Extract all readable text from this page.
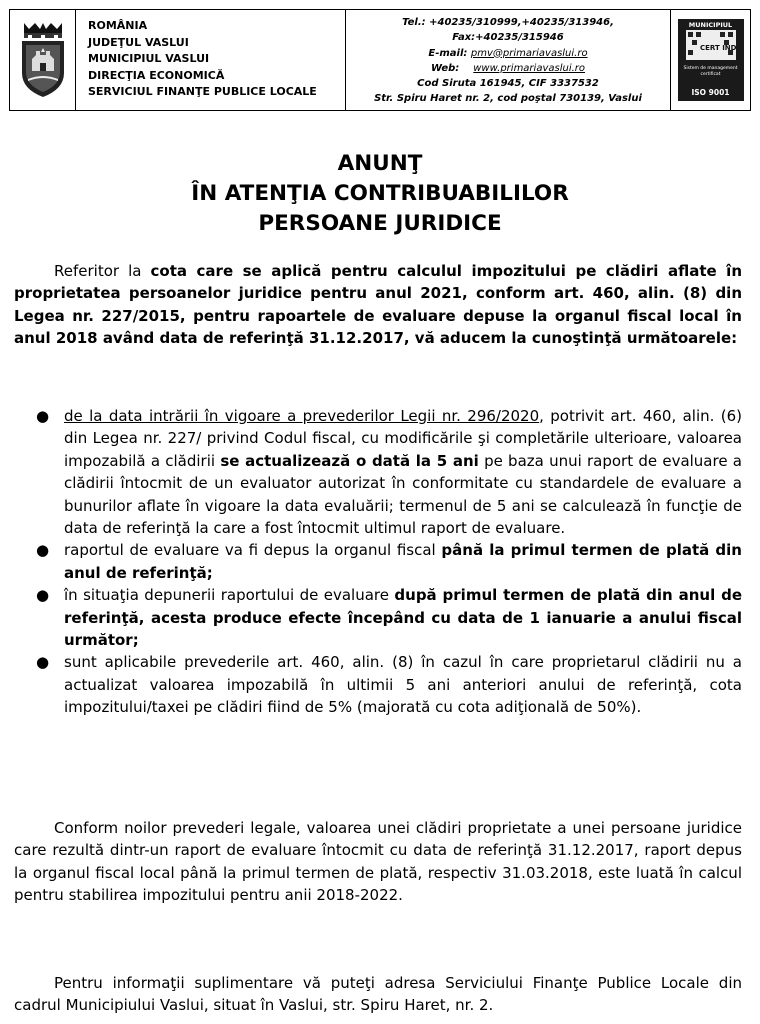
ROMÂNIA
JUDEŢUL VASLUI
MUNICIPIUL VASLUI
DIRECŢIA ECONOMICĂ
SERVICIUL FINANŢE PUBLICE LOCALE
Tel.: +40235/310999,+40235/313946,
Fax:+40235/315946
E-mail: pmv@primariavaslui.ro
Web: www.primariavaslui.ro
Cod Siruta 161945, CIF 3337532
Str. Spiru Haret nr. 2, cod poştal 730139, Vaslui
MUNICIPIUL
CERT IND
Sistem de management certificat
ISO 9001
ANUNŢ
ÎN ATENŢIA CONTRIBUABILILOR
PERSOANE JURIDICE
Referitor la cota care se aplică pentru calculul impozitului pe clădiri aflate în proprietatea persoanelor juridice pentru anul 2021, conform art. 460, alin. (8) din Legea nr. 227/2015, pentru rapoartele de evaluare depuse la organul fiscal local în anul 2018 având data de referinţă 31.12.2017, vă aducem la cunoştinţă următoarele:
● de la data intrării în vigoare a prevederilor Legii nr. 296/2020, potrivit art. 460, alin. (6) din Legea nr. 227/ privind Codul fiscal, cu modificările şi completările ulterioare, valoarea impozabilă a clădirii se actualizează o dată la 5 ani pe baza unui raport de evaluare a clădirii întocmit de un evaluator autorizat în conformitate cu standardele de evaluare a bunurilor aflate în vigoare la data evaluării; termenul de 5 ani se calculează în funcţie de data de referinţă la care a fost întocmit ultimul raport de evaluare.
● raportul de evaluare va fi depus la organul fiscal până la primul termen de plată din anul de referinţă;
● în situaţia depunerii raportului de evaluare după primul termen de plată din anul de referinţă, acesta produce efecte începând cu data de 1 ianuarie a anului fiscal următor;
● sunt aplicabile prevederile art. 460, alin. (8) în cazul în care proprietarul clădirii nu a actualizat valoarea impozabilă în ultimii 5 ani anteriori anului de referinţă, cota impozitului/taxei pe clădiri fiind de 5% (majorată cu cota adiţională de 50%).
Conform noilor prevederi legale, valoarea unei clădiri proprietate a unei persoane juridice care rezultă dintr-un raport de evaluare întocmit cu data de referinţă 31.12.2017, raport depus la organul fiscal local până la primul termen de plată, respectiv 31.03.2018, este luată în calcul pentru stabilirea impozitului pentru anii 2018-2022.
Pentru informaţii suplimentare vă puteţi adresa Serviciului Finanţe Publice Locale din cadrul Municipiului Vaslui, situat în Vaslui, str. Spiru Haret, nr. 2.
